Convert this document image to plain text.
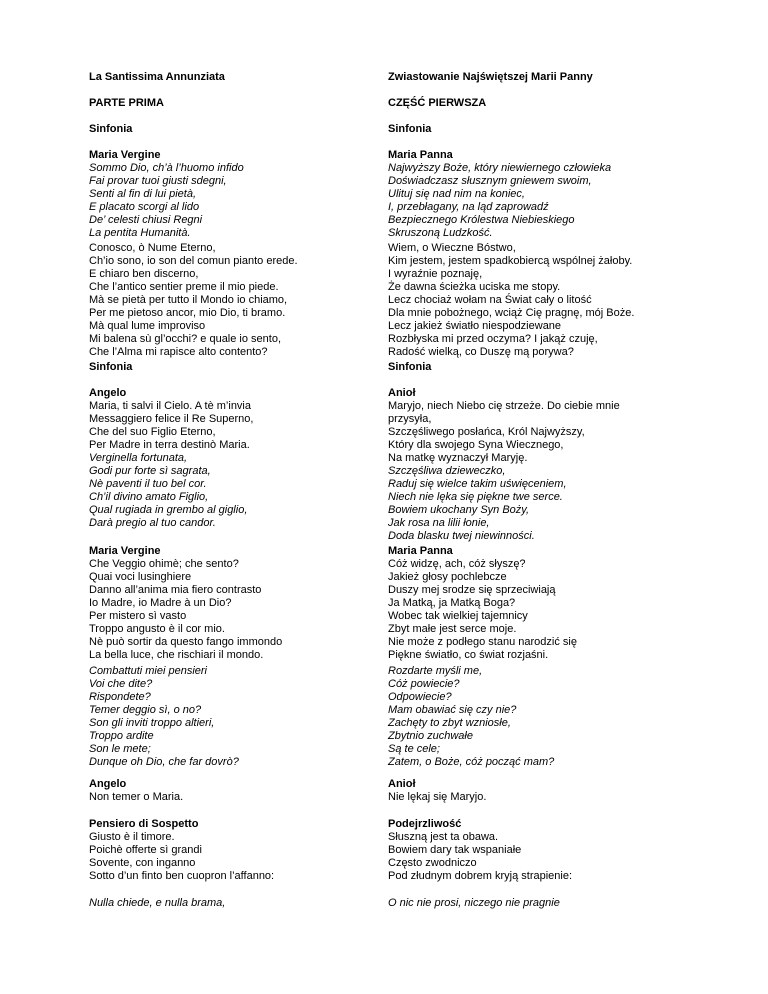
La Santissima Annunziata
PARTE PRIMA
Sinfonia
Maria Vergine
Sommo Dio, ch’à l’huomo infido
Fai provar tuoi giusti sdegni,
Senti al fin di lui pietà,
E placato scorgi al lido
De’ celesti chiusi Regni
La pentita Humanità.
Conosco, ò Nume Eterno,
Ch’io sono, io son del comun pianto erede.
E chiaro ben discerno,
Che l’antico sentier preme il mio piede.
Mà se pietà per tutto il Mondo io chiamo,
Per me pietoso ancor, mio Dio, ti bramo.
Mà qual lume improviso
Mi balena sù gl’occhi? e quale io sento,
Che l’Alma mi rapisce alto contento?
Sinfonia
Angelo
Maria, ti salvi il Cielo. A tè m’invia
Messaggiero felice il Re Superno,
Che del suo Figlio Eterno,
Per Madre in terra destinò Maria.
Verginella fortunata,
Godi pur forte sì sagrata,
Nè paventi il tuo bel cor.
Ch’il divino amato Figlio,
Qual rugiada in grembo al giglio,
Darà pregio al tuo candor.
Maria Vergine
Che Veggio ohimè; che sento?
Quai voci lusinghiere
Danno all’anima mia fiero contrasto
Io Madre, io Madre à un Dio?
Per mistero sì vasto
Troppo angusto è il cor mio.
Nè può sortir da questo fango immondo
La bella luce, che rischiari il mondo.
Combattuti miei pensieri
Voi che dite?
Rispondete?
Temer deggio sì, o no?
Son gli inviti troppo altieri,
Troppo ardite
Son le mete;
Dunque oh Dio, che far dovrò?
Angelo
Non temer o Maria.
Pensiero di Sospetto
Giusto è il timore.
Poichè offerte sì grandi
Sovente, con inganno
Sotto d’un finto ben cuopron l’affanno:
Nulla chiede, e nulla brama,
Zwiastowanie Najświętszej Marii Panny
CZĘŚĆ PIERWSZA
Sinfonia
Maria Panna
Najwyższy Boże, który niewiernego człowieka
Doświadczasz słusznym gniewem swoim,
Ulituj się nad nim na koniec,
I, przebłagany, na ląd zaprowadź
Bezpiecznego Królestwa Niebieskiego
Skruszoną Ludzkość.
Wiem, o Wieczne Bóstwo,
Kim jestem, jestem spadkobiercą wspólnej żałoby.
I wyraźnie poznaję,
Że dawna ścieżka uciska me stopy.
Lecz chociaż wołam na Świat cały o litość
Dla mnie pobożnego, wciąż Cię pragnę, mój Boże.
Lecz jakież światło niespodziewane
Rozbłyska mi przed oczyma? I jakąż czuję,
Radość wielką, co Duszę mą porywa?
Sinfonia
Anioł
Maryjo, niech Niebo cię strzeże. Do ciebie mnie
przysyła,
Szczęśliwego posłańca, Król Najwyższy,
Który dla swojego Syna Wiecznego,
Na matkę wyznaczył Maryję.
Szczęśliwa dzieweczko,
Raduj się wielce takim uświęceniem,
Niech nie lęka się piękne twe serce.
Bowiem ukochany Syn Boży,
Jak rosa na lilii łonie,
Doda blasku twej niewinności.
Maria Panna
Cóż widzę, ach, cóż słyszę?
Jakież głosy pochlebcze
Duszy mej srodze się sprzeciwiają
Ja Matką, ja Matką Boga?
Wobec tak wielkiej tajemnicy
Zbyt małe jest serce moje.
Nie może z podłego stanu narodzić się
Piękne światło, co świat rozjaśni.
Rozdarte myśli me,
Cóż powiecie?
Odpowiecie?
Mam obawiać się czy nie?
Zachęty to zbyt wzniosłe,
Zbytnio zuchwałe
Są te cele;
Zatem, o Boże, cóż począć mam?
Anioł
Nie lękaj się Maryjo.
Podejrzliwość
Słuszną jest ta obawa.
Bowiem dary tak wspaniałe
Często zwodniczo
Pod złudnym dobrem kryją strapienie:
O nic nie prosi, niczego nie pragnie
